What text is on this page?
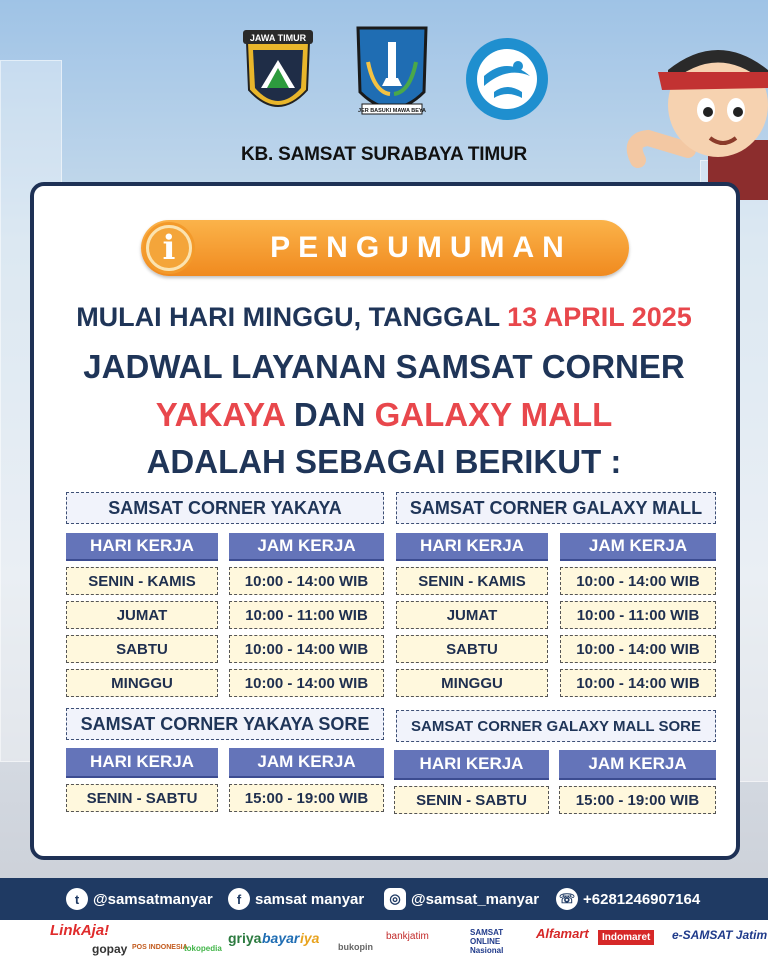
JAWA TIMUR
JER BASUKI MAWA BEYA
KB. SAMSAT SURABAYA TIMUR
i	PENGUMUMAN
MULAI HARI MINGGU, TANGGAL 13 APRIL 2025
JADWAL LAYANAN SAMSAT CORNER
YAKAYA DAN GALAXY MALL
ADALAH SEBAGAI BERIKUT :
SAMSAT CORNER YAKAYA
HARI KERJA	JAM KERJA
SENIN - KAMIS	10:00 - 14:00 WIB
JUMAT	10:00 - 11:00 WIB
SABTU	10:00 - 14:00 WIB
MINGGU	10:00 - 14:00 WIB
SAMSAT CORNER GALAXY MALL
HARI KERJA	JAM KERJA
SENIN - KAMIS	10:00 - 14:00 WIB
JUMAT	10:00 - 11:00 WIB
SABTU	10:00 - 14:00 WIB
MINGGU	10:00 - 14:00 WIB
SAMSAT CORNER YAKAYA SORE
HARI KERJA	JAM KERJA
SENIN - SABTU	15:00 - 19:00 WIB
SAMSAT CORNER GALAXY MALL SORE
HARI KERJA	JAM KERJA
SENIN - SABTU	15:00 - 19:00 WIB
t @samsatmanyar	f samsat manyar	◎ @samsat_manyar ☏ +6281246907164
LinkAja!
gopay POS INDONESIA
tokopedia
griya bayar iya
bukopin
bankjatim	SAMSAT ONLINE Nasional
Alfamart	Indomaret	e-SAMSAT Jatim
